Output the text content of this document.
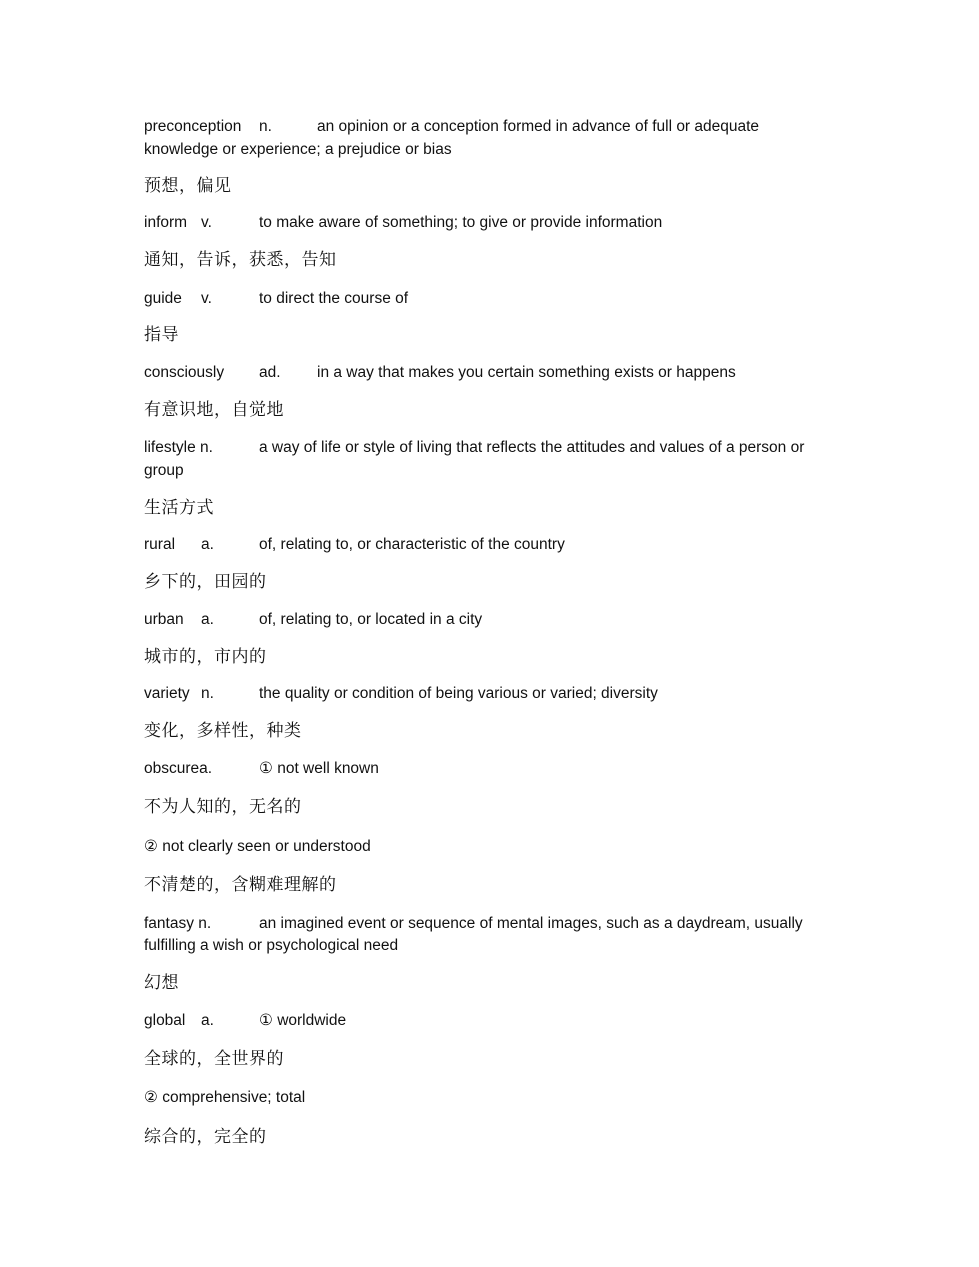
preconception n.	an opinion or a conception formed in advance of full or adequate
knowledge or experience; a prejudice or bias
预想，偏见
inform v.	to make aware of something; to give or provide information
通知，告诉，获悉，告知
guide v.	to direct the course of
指导
consciously ad. in a way that makes you certain something exists or happens
有意识地，自觉地
lifestyle n.	a way of life or style of living that reflects the attitudes and values of a person or
group
生活方式
rural a.	of, relating to, or characteristic of the country
乡下的，田园的
urban a.	of, relating to, or located in a city
城市的，市内的
variety n.	the quality or condition of being various or varied; diversity
变化，多样性，种类
obscurea.	① not well known
不为人知的，无名的
② not clearly seen or understood
不清楚的，含糊难理解的
fantasy n.	an imagined event or sequence of mental images, such as a daydream, usually
fulfilling a wish or psychological need
幻想
global a.	① worldwide
全球的，全世界的
② comprehensive; total
综合的，完全的
